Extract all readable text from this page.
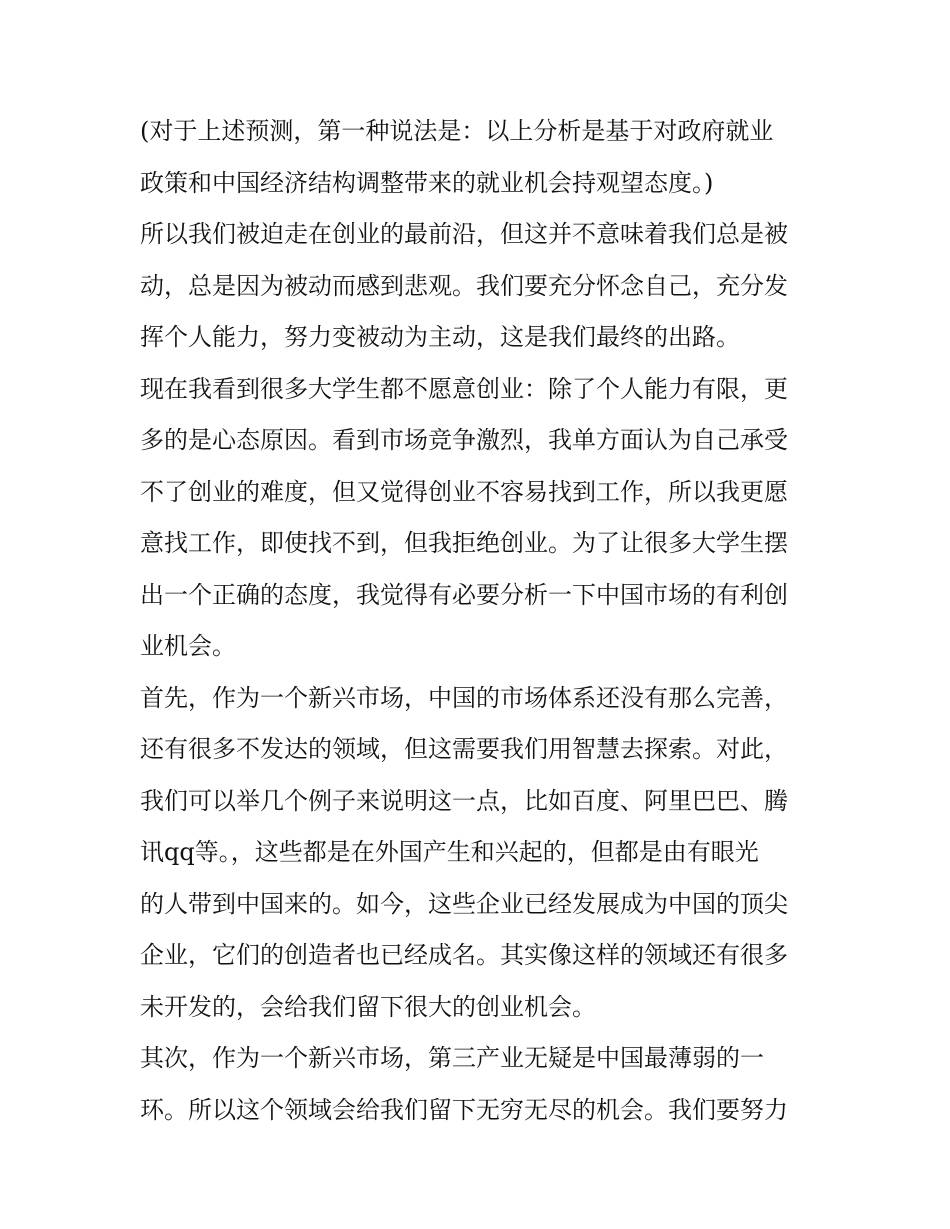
(对于上述预测，第一种说法是：以上分析是基于对政府就业
政策和中国经济结构调整带来的就业机会持观望态度。)
所以我们被迫走在创业的最前沿，但这并不意味着我们总是被
动，总是因为被动而感到悲观。我们要充分怀念自己，充分发
挥个人能力，努力变被动为主动，这是我们最终的出路。
现在我看到很多大学生都不愿意创业：除了个人能力有限，更
多的是心态原因。看到市场竞争激烈，我单方面认为自己承受
不了创业的难度，但又觉得创业不容易找到工作，所以我更愿
意找工作，即使找不到，但我拒绝创业。为了让很多大学生摆
出一个正确的态度，我觉得有必要分析一下中国市场的有利创
业机会。
首先，作为一个新兴市场，中国的市场体系还没有那么完善，
还有很多不发达的领域，但这需要我们用智慧去探索。对此，
我们可以举几个例子来说明这一点，比如百度、阿里巴巴、腾
讯qq等。，这些都是在外国产生和兴起的，但都是由有眼光
的人带到中国来的。如今，这些企业已经发展成为中国的顶尖
企业，它们的创造者也已经成名。其实像这样的领域还有很多
未开发的，会给我们留下很大的创业机会。
其次，作为一个新兴市场，第三产业无疑是中国最薄弱的一
环。所以这个领域会给我们留下无穷无尽的机会。我们要努力
